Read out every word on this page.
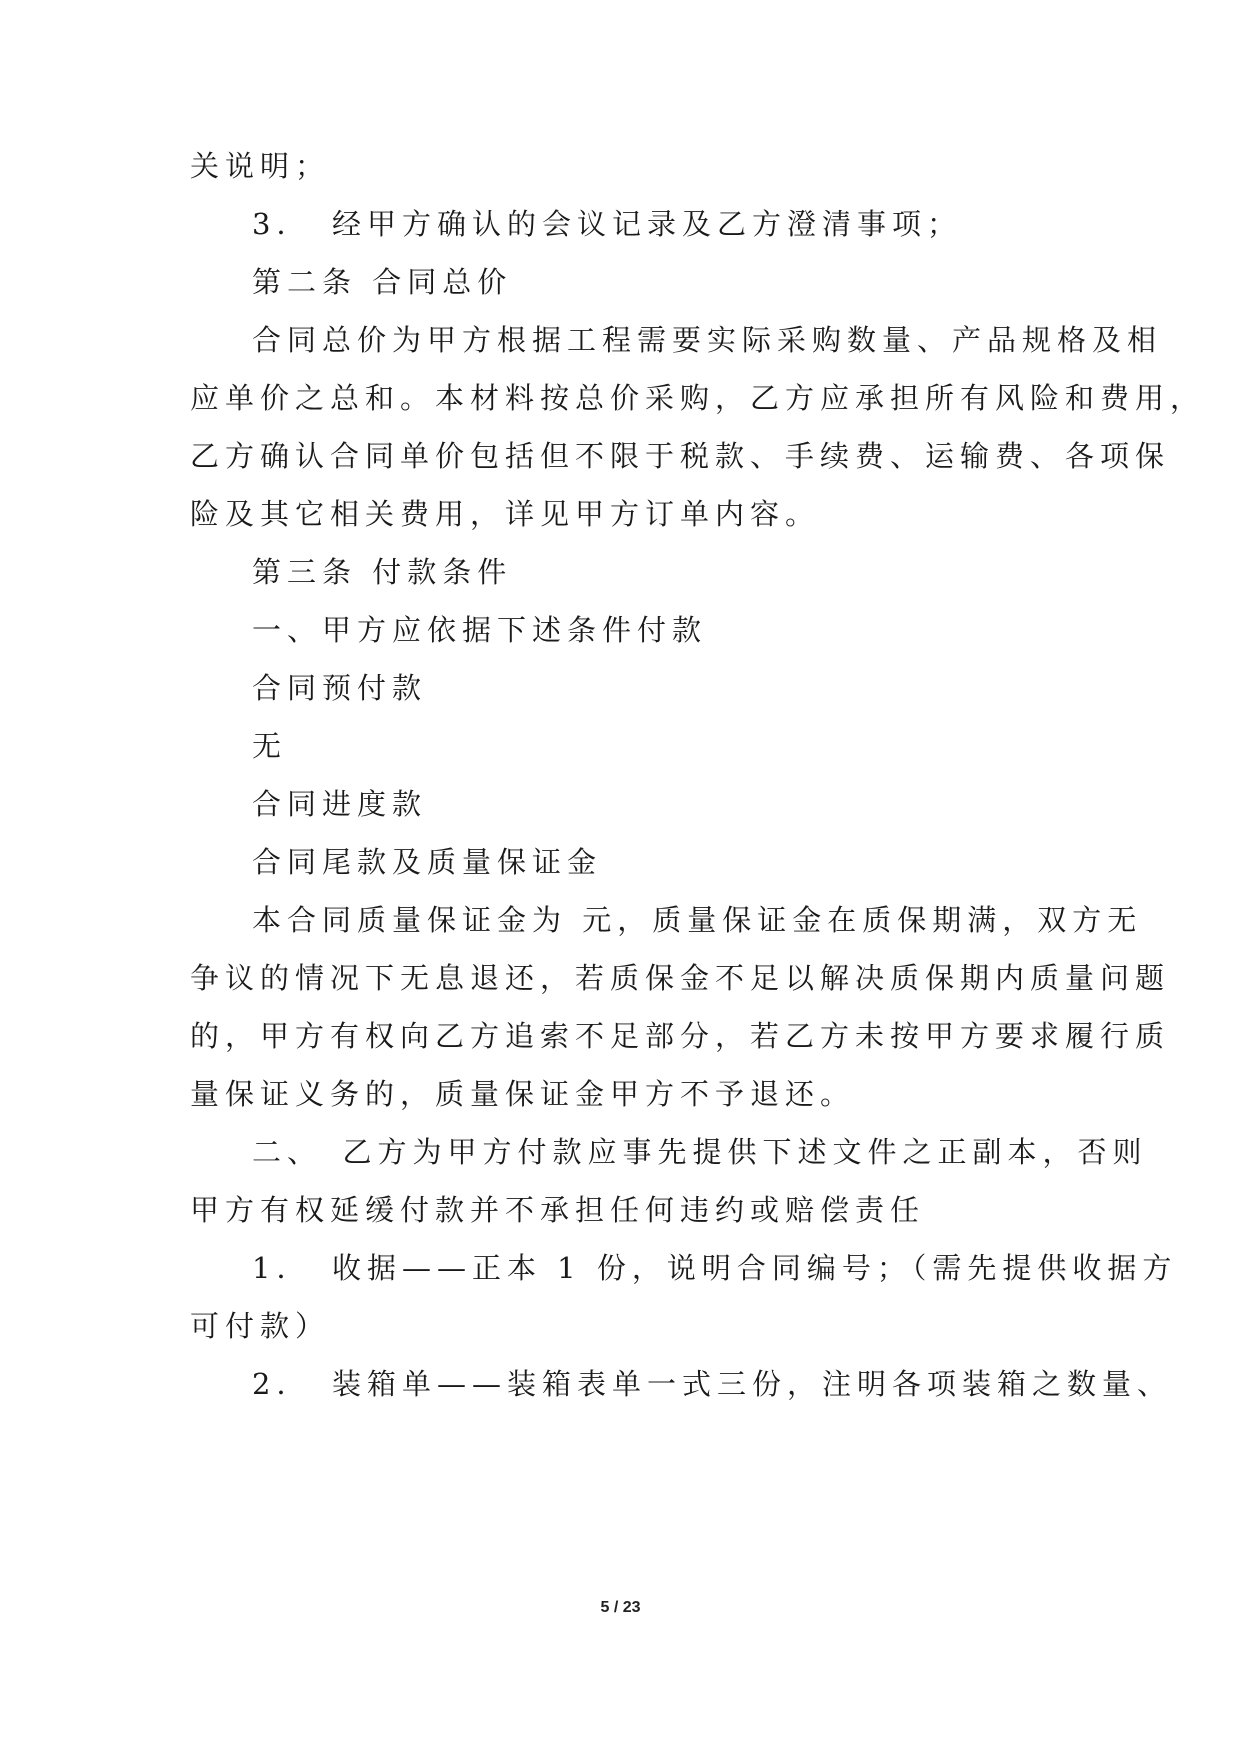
关说明；
3．　经甲方确认的会议记录及乙方澄清事项；
第二条 合同总价
合同总价为甲方根据工程需要实际采购数量、产品规格及相
应单价之总和。本材料按总价采购，乙方应承担所有风险和费用，
乙方确认合同单价包括但不限于税款、手续费、运输费、各项保
险及其它相关费用，详见甲方订单内容。
第三条 付款条件
一、甲方应依据下述条件付款
合同预付款
无
合同进度款
合同尾款及质量保证金
本合同质量保证金为 元，质量保证金在质保期满，双方无
争议的情况下无息退还，若质保金不足以解决质保期内质量问题
的，甲方有权向乙方追索不足部分，若乙方未按甲方要求履行质
量保证义务的，质量保证金甲方不予退还。
二、　乙方为甲方付款应事先提供下述文件之正副本，否则
甲方有权延缓付款并不承担任何违约或赔偿责任
1．　收据——正本 1 份，说明合同编号；（需先提供收据方
可付款）
2．　装箱单——装箱表单一式三份，注明各项装箱之数量、
5 / 23
